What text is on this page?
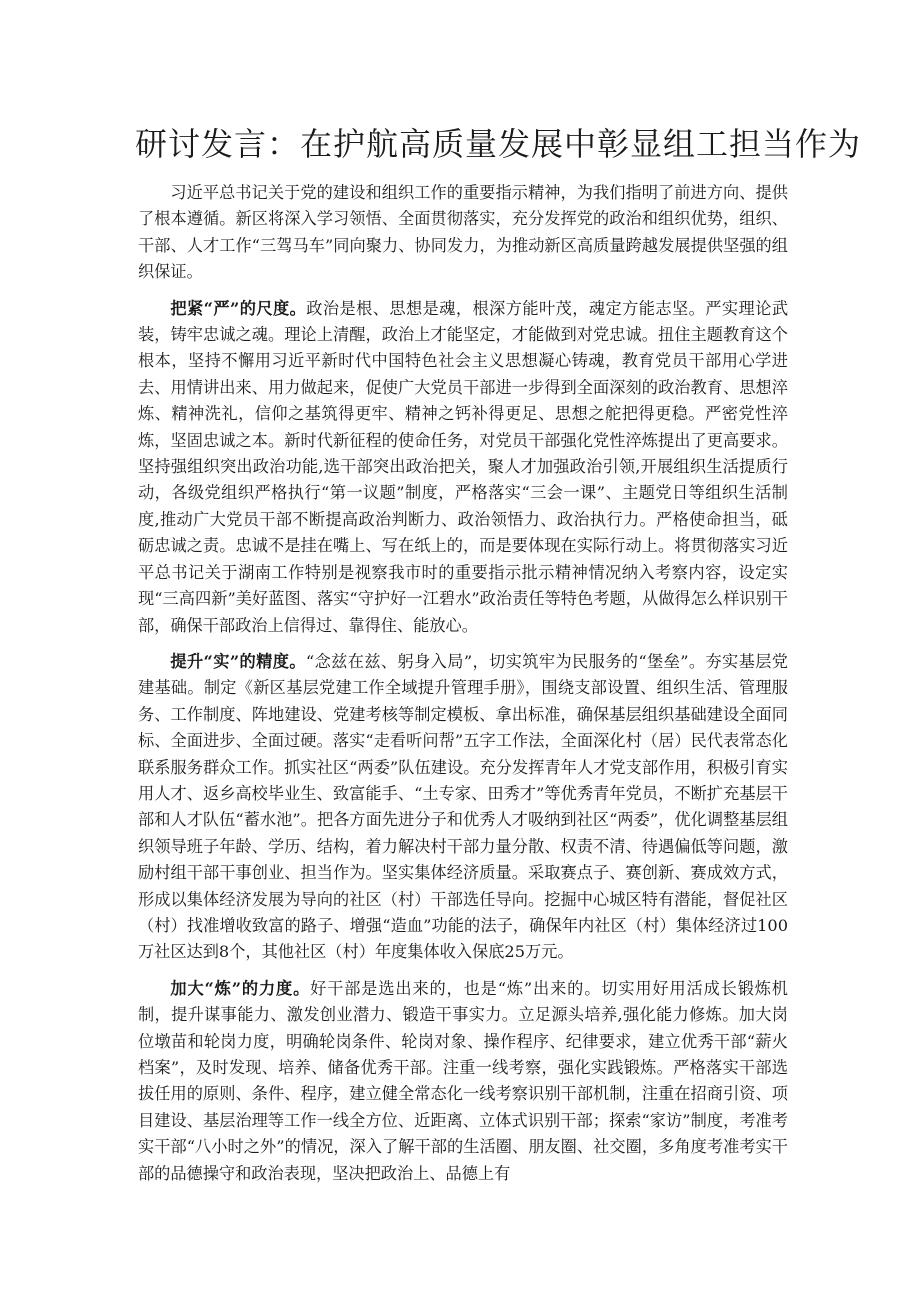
研讨发言：在护航高质量发展中彰显组工担当作为

习近平总书记关于党的建设和组织工作的重要指示精神，为我们指明了前进方向、提供了根本遵循。新区将深入学习领悟、全面贯彻落实，充分发挥党的政治和组织优势，组织、干部、人才工作“三驾马车”同向聚力、协同发力，为推动新区高质量跨越发展提供坚强的组织保证。

把紧“严”的尺度。政治是根、思想是魂，根深方能叶茂，魂定方能志坚。严实理论武装，铸牢忠诚之魂。理论上清醒，政治上才能坚定，才能做到对党忠诚。扭住主题教育这个根本，坚持不懈用习近平新时代中国特色社会主义思想凝心铸魂，教育党员干部用心学进去、用情讲出来、用力做起来，促使广大党员干部进一步得到全面深刻的政治教育、思想淬炼、精神洗礼，信仰之基筑得更牢、精神之钙补得更足、思想之舵把得更稳。严密党性淬炼，坚固忠诚之本。新时代新征程的使命任务，对党员干部强化党性淬炼提出了更高要求。坚持强组织突出政治功能,选干部突出政治把关，聚人才加强政治引领,开展组织生活提质行动，各级党组织严格执行“第一议题”制度，严格落实“三会一课”、主题党日等组织生活制度,推动广大党员干部不断提高政治判断力、政治领悟力、政治执行力。严格使命担当，砥砺忠诚之责。忠诚不是挂在嘴上、写在纸上的，而是要体现在实际行动上。将贯彻落实习近平总书记关于湖南工作特别是视察我市时的重要指示批示精神情况纳入考察内容，设定实现“三高四新”美好蓝图、落实“守护好一江碧水”政治责任等特色考题，从做得怎么样识别干部，确保干部政治上信得过、靠得住、能放心。

提升“实”的精度。“念兹在兹、躬身入局”，切实筑牢为民服务的“堡垒”。夯实基层党建基础。制定《新区基层党建工作全域提升管理手册》，围绕支部设置、组织生活、管理服务、工作制度、阵地建设、党建考核等制定模板、拿出标准，确保基层组织基础建设全面同标、全面进步、全面过硬。落实“走看听问帮”五字工作法，全面深化村（居）民代表常态化联系服务群众工作。抓实社区“两委”队伍建设。充分发挥青年人才党支部作用，积极引育实用人才、返乡高校毕业生、致富能手、“土专家、田秀才”等优秀青年党员，不断扩充基层干部和人才队伍“蓄水池”。把各方面先进分子和优秀人才吸纳到社区“两委”，优化调整基层组织领导班子年龄、学历、结构，着力解决村干部力量分散、权责不清、待遇偏低等问题，激励村组干部干事创业、担当作为。坚实集体经济质量。采取赛点子、赛创新、赛成效方式，形成以集体经济发展为导向的社区（村）干部选任导向。挖掘中心城区特有潜能，督促社区（村）找准增收致富的路子、增强“造血”功能的法子，确保年内社区（村）集体经济过100万社区达到8个，其他社区（村）年度集体收入保底25万元。

加大“炼”的力度。好干部是选出来的，也是“炼”出来的。切实用好用活成长锻炼机制，提升谋事能力、激发创业潜力、锻造干事实力。立足源头培养,强化能力修炼。加大岗位墩苗和轮岗力度，明确轮岗条件、轮岗对象、操作程序、纪律要求，建立优秀干部“薪火档案”，及时发现、培养、储备优秀干部。注重一线考察，强化实践锻炼。严格落实干部选拔任用的原则、条件、程序，建立健全常态化一线考察识别干部机制，注重在招商引资、项目建设、基层治理等工作一线全方位、近距离、立体式识别干部；探索“家访”制度，考准考实干部“八小时之外”的情况，深入了解干部的生活圈、朋友圈、社交圈，多角度考准考实干部的品德操守和政治表现，坚决把政治上、品德上有
